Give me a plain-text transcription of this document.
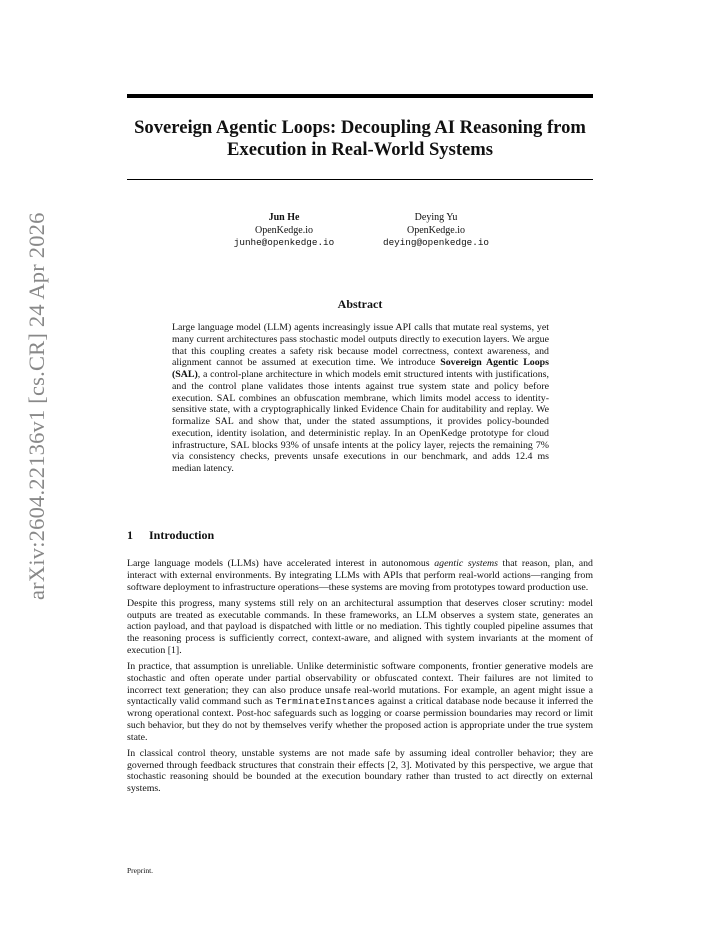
arXiv:2604.22136v1 [cs.CR] 24 Apr 2026
Sovereign Agentic Loops: Decoupling AI Reasoning from Execution in Real-World Systems
Jun He
OpenKedge.io
junhe@openkedge.io
Deying Yu
OpenKedge.io
deying@openkedge.io
Abstract

Large language model (LLM) agents increasingly issue API calls that mutate real systems, yet many current architectures pass stochastic model outputs directly to execution layers. We argue that this coupling creates a safety risk because model correctness, context awareness, and alignment cannot be assumed at execution time. We introduce Sovereign Agentic Loops (SAL), a control-plane architecture in which models emit structured intents with justifications, and the control plane validates those intents against true system state and policy before execution. SAL combines an obfuscation membrane, which limits model access to identity-sensitive state, with a cryptographically linked Evidence Chain for auditability and replay. We formalize SAL and show that, under the stated assumptions, it provides policy-bounded execution, identity isolation, and deterministic replay. In an OpenKedge prototype for cloud infrastructure, SAL blocks 93% of unsafe intents at the policy layer, rejects the remaining 7% via consistency checks, prevents unsafe executions in our benchmark, and adds 12.4 ms median latency.

1 Introduction

Large language models (LLMs) have accelerated interest in autonomous agentic systems that reason, plan, and interact with external environments. By integrating LLMs with APIs that perform real-world actions—ranging from software deployment to infrastructure operations—these systems are moving from prototypes toward production use.

Despite this progress, many systems still rely on an architectural assumption that deserves closer scrutiny: model outputs are treated as executable commands. In these frameworks, an LLM observes a system state, generates an action payload, and that payload is dispatched with little or no mediation. This tightly coupled pipeline assumes that the reasoning process is sufficiently correct, context-aware, and aligned with system invariants at the moment of execution [1].

In practice, that assumption is unreliable. Unlike deterministic software components, frontier generative models are stochastic and often operate under partial observability or obfuscated context. Their failures are not limited to incorrect text generation; they can also produce unsafe real-world mutations. For example, an agent might issue a syntactically valid command such as TerminateInstances against a critical database node because it inferred the wrong operational context. Post-hoc safeguards such as logging or coarse permission boundaries may record or limit such behavior, but they do not by themselves verify whether the proposed action is appropriate under the true system state.

In classical control theory, unstable systems are not made safe by assuming ideal controller behavior; they are governed through feedback structures that constrain their effects [2, 3]. Motivated by this perspective, we argue that stochastic reasoning should be bounded at the execution boundary rather than trusted to act directly on external systems.

Preprint.
